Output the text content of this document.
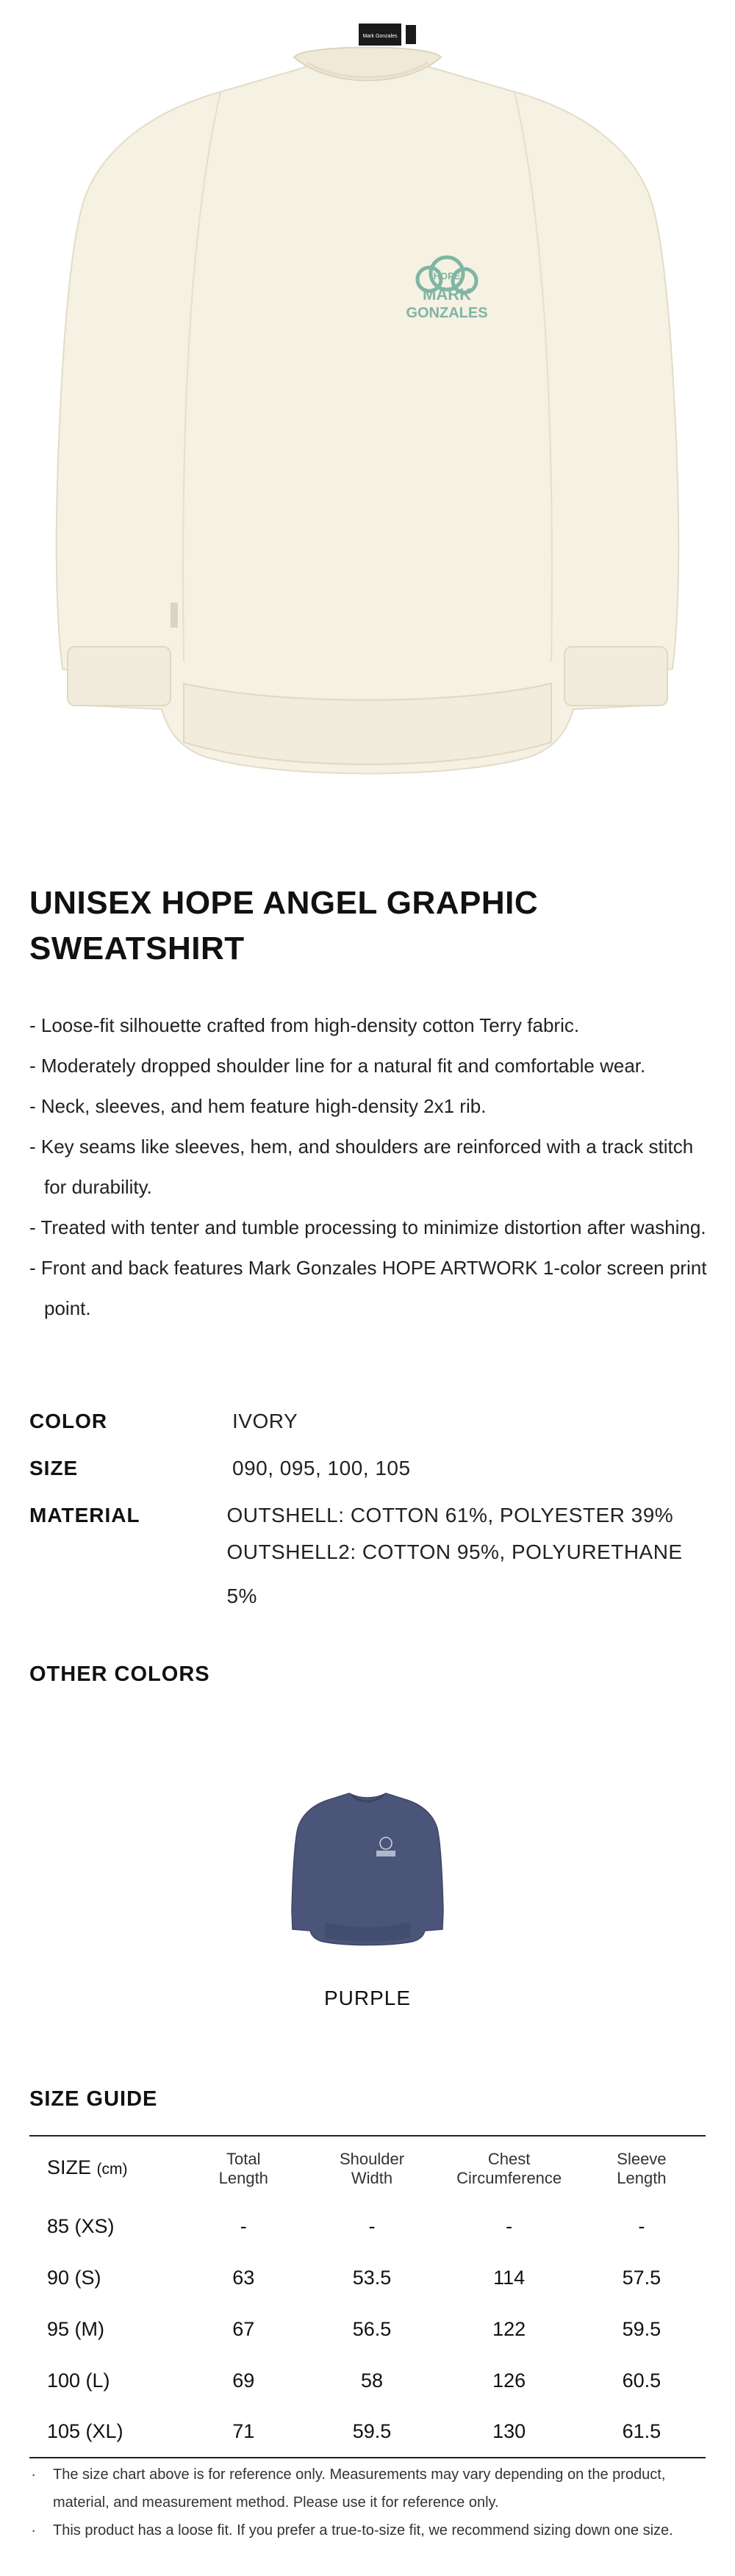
Mark Gonzales
HOPE
MARK
GONZALES
UNISEX HOPE ANGEL GRAPHIC SWEATSHIRT
- Loose-fit silhouette crafted from high-density cotton Terry fabric.
- Moderately dropped shoulder line for a natural fit and comfortable wear.
- Neck, sleeves, and hem feature high-density 2x1 rib.
- Key seams like sleeves, hem, and shoulders are reinforced with a track stitch for durability.
- Treated with tenter and tumble processing to minimize distortion after washing.
- Front and back features Mark Gonzales HOPE ARTWORK 1-color screen print point.
COLOR	IVORY
SIZE	090, 095, 100, 105
MATERIAL	OUTSHELL: COTTON 61%, POLYESTER 39%
OUTSHELL2: COTTON 95%, POLYURETHANE 5%
OTHER COLORS
PURPLE
SIZE GUIDE
SIZE (cm)	Total Length	Shoulder Width	Chest Circumference	Sleeve Length
85 (XS)	-	-	-	-
90 (S)	63	53.5	114	57.5
95 (M)	67	56.5	122	59.5
100 (L)	69	58	126	60.5
105 (XL)	71	59.5	130	61.5
· The size chart above is for reference only. Measurements may vary depending on the product, material, and measurement method. Please use it for reference only.
· This product has a loose fit. If you prefer a true-to-size fit, we recommend sizing down one size.
